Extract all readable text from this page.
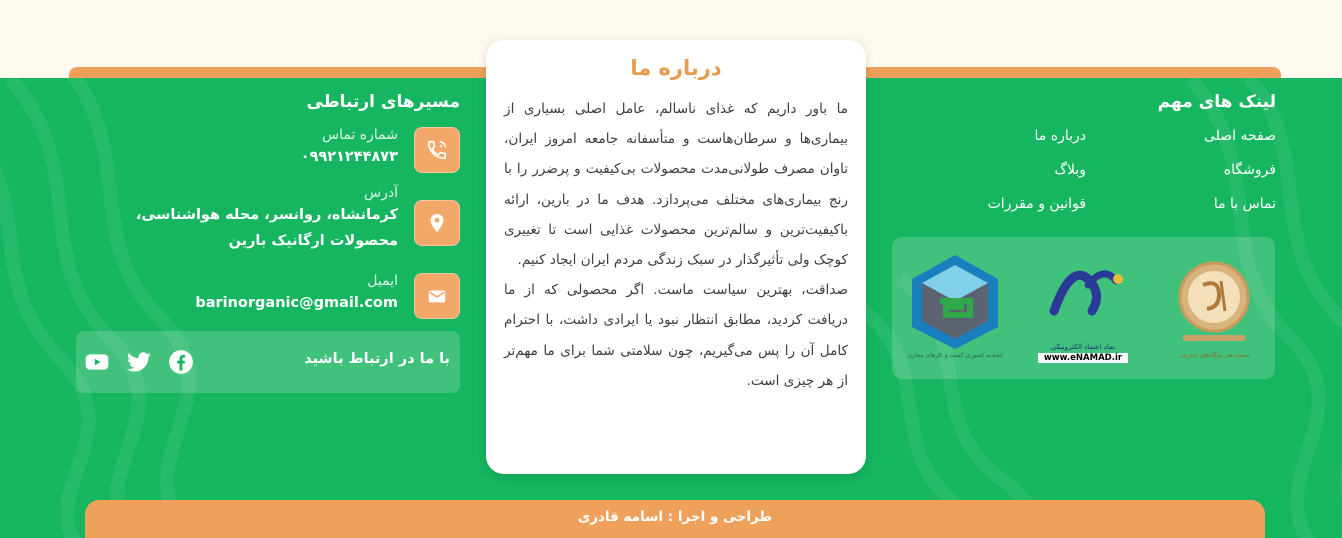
لینک های مهم
صفحه اصلی
درباره ما
فروشگاه
وبلاگ
تماس با ما
قوانین و مقررات
ساماندهی پایگاه‌های اینترنتی
نماد اعتماد الکترونیکی
www.eNAMAD.ir
اتحادیه کشوری کسب و کارهای مجازی
درباره ما

ما باور داریم که غذای ناسالم، عامل اصلی بسیاری از بیماری‌ها و سرطان‌هاست و متأسفانه جامعه امروز ایران، تاوان مصرف طولانی‌مدت محصولات بی‌کیفیت و پرضرر را با رنج بیماری‌های مختلف می‌پردازد. هدف ما در بارین، ارائه باکیفیت‌ترین و سالم‌ترین محصولات غذایی است تا تغییری کوچک ولی تأثیرگذار در سبک زندگی مردم ایران ایجاد کنیم.

صداقت، بهترین سیاست ماست. اگر محصولی که از ما دریافت کردید، مطابق انتظار نبود یا ایرادی داشت، با احترام کامل آن را پس می‌گیریم، چون سلامتی شما برای ما مهم‌تر از هر چیزی است.

مسیرهای ارتباطی
شماره تماس
۰۹۹۲۱۲۴۴۸۷۳
آدرس
کرمانشاه، روانسر، محله هواشناسی، محصولات ارگانیک بارین
ایمیل
barinorganic@gmail.com
با ما در ارتباط باشید
طراحی و اجرا : اسامه قادری
